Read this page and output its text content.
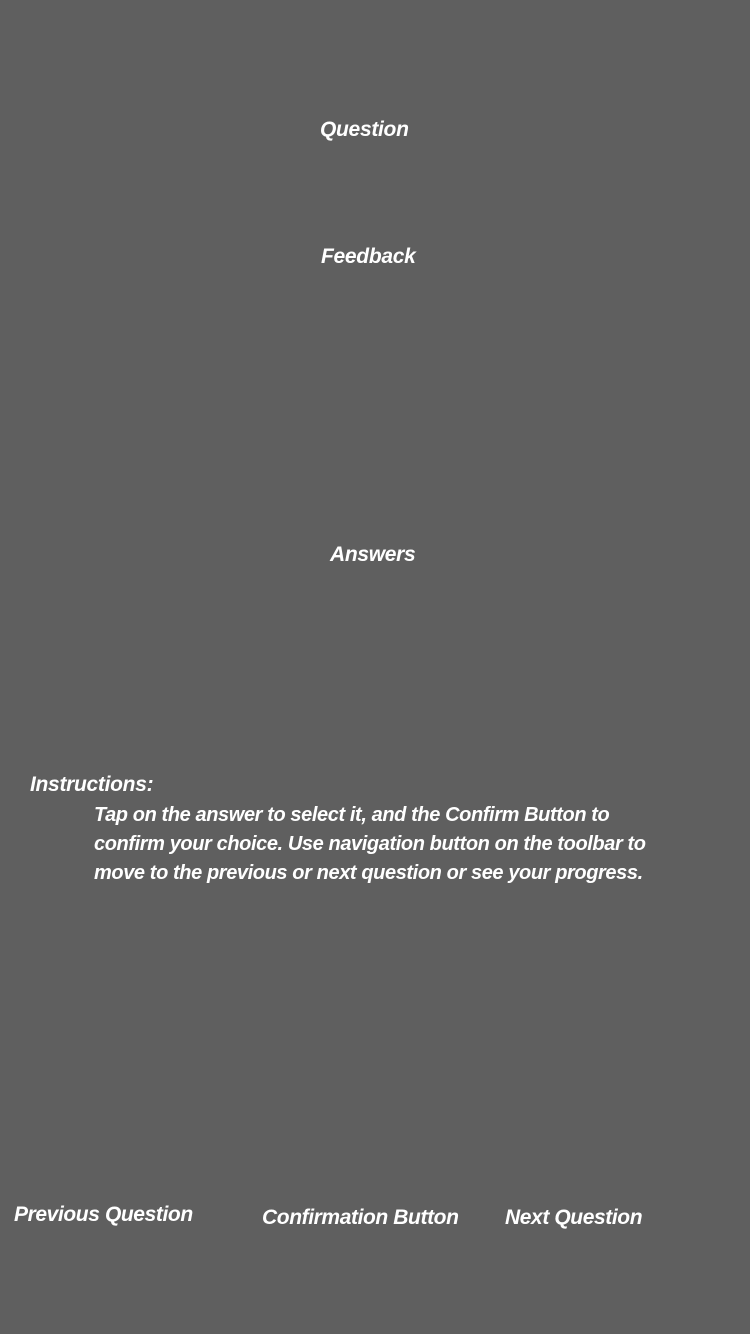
Question
Feedback
Answers
Instructions:
Tap on the answer to select it, and the Confirm Button to
confirm your choice. Use navigation button on the toolbar to
move to the previous or next question or see your progress.
Previous Question	Confirmation Button Next Question
